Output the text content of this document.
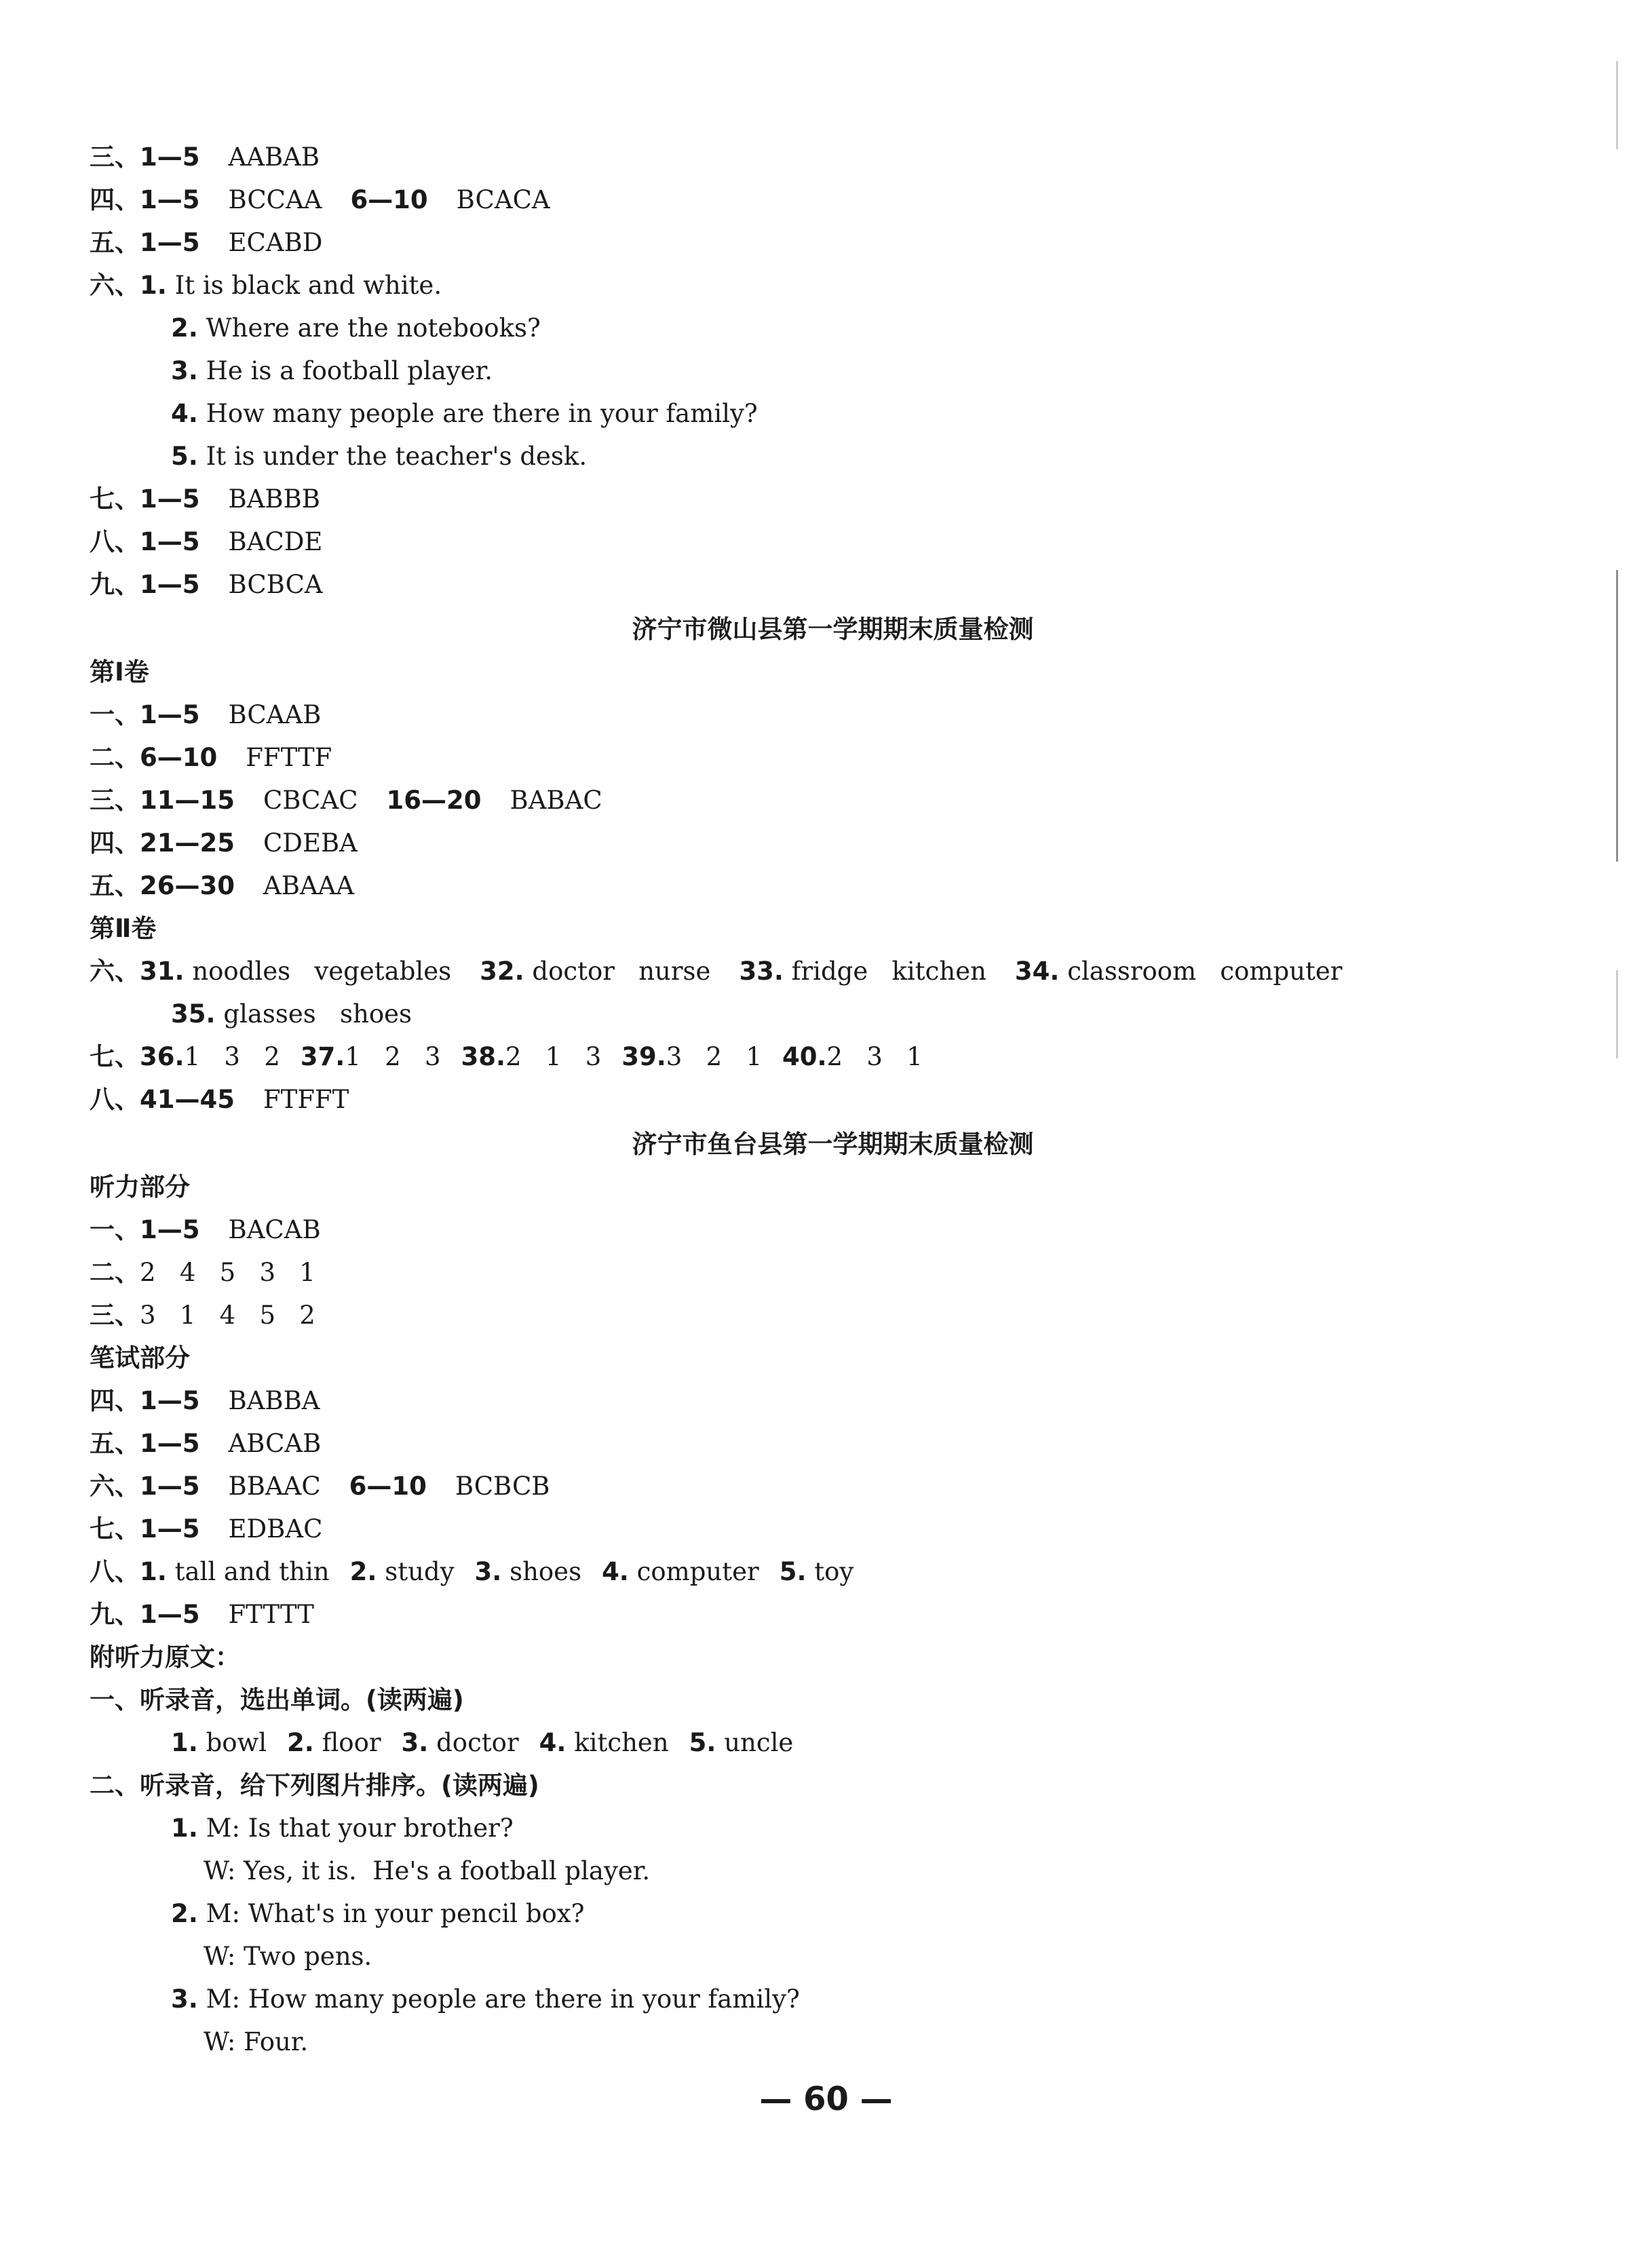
三、1—5 AABAB
四、1—5 BCCAA 6—10 BCACA
五、1—5 ECABD
六、1. It is black and white.
2. Where are the notebooks?
3. He is a football player.
4. How many people are there in your family?
5. It is under the teacher's desk.
七、1—5 BABBB
八、1—5 BACDE
九、1—5 BCBCA
济宁市微山县第一学期期末质量检测
第Ⅰ卷
一、1—5 BCAAB
二、6—10 FFTTF
三、11—15 CBCAC 16—20 BABAC
四、21—25 CDEBA
五、26—30 ABAAA
第Ⅱ卷
六、31. noodles   vegetables 32. doctor   nurse 33. fridge   kitchen 34. classroom   computer
35. glasses   shoes
七、36.1   3   2 37.1   2   3 38.2   1   3 39.3   2   1 40.2   3   1
八、41—45 FTFFT
济宁市鱼台县第一学期期末质量检测
听力部分
一、1—5 BACAB
二、2   4   5   3   1
三、3   1   4   5   2
笔试部分
四、1—5 BABBA
五、1—5 ABCAB
六、1—5 BBAAC 6—10 BCBCB
七、1—5 EDBAC
八、1. tall and thin 2. study 3. shoes 4. computer 5. toy
九、1—5 FTTTT
附听力原文：
一、听录音，选出单词。(读两遍)
1. bowl 2. floor 3. doctor 4. kitchen 5. uncle
二、听录音，给下列图片排序。(读两遍)
1. M: Is that your brother?
W: Yes, it is.  He's a football player.
2. M: What's in your pencil box?
W: Two pens.
3. M: How many people are there in your family?
W: Four.
— 60 —
